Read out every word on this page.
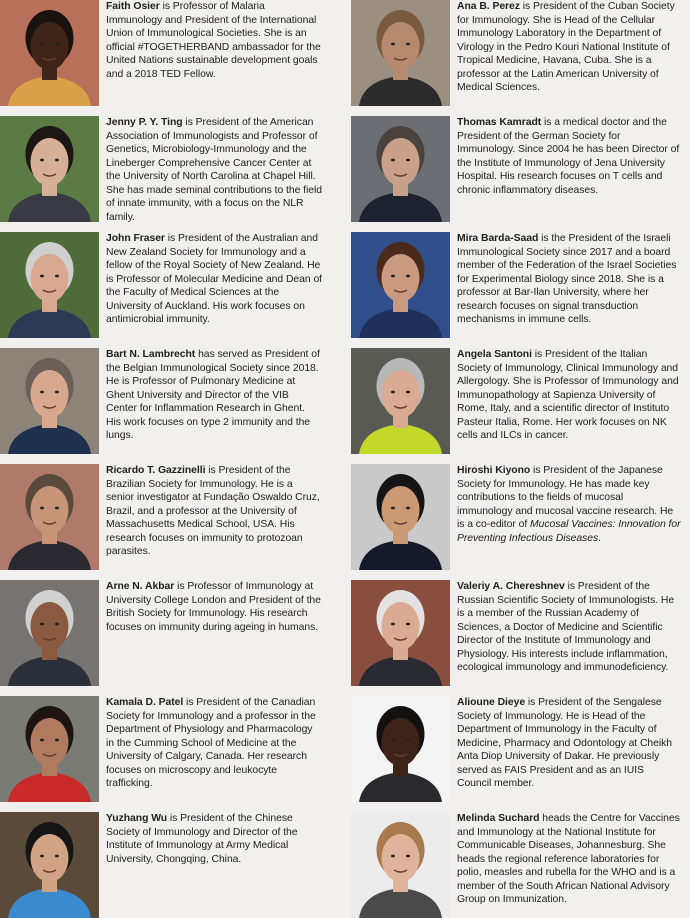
Faith Osier is Professor of Malaria Immunology and President of the International Union of Immunological Societies. She is an official #TOGETHERBAND ambassador for the United Nations sustainable development goals and a 2018 TED Fellow.
Jenny P. Y. Ting is President of the American Association of Immunologists and Professor of Genetics, Microbiology-Immunology and the Lineberger Comprehensive Cancer Center at the University of North Carolina at Chapel Hill. She has made seminal contributions to the field of innate immunity, with a focus on the NLR family.
John Fraser is President of the Australian and New Zealand Society for Immunology and a fellow of the Royal Society of New Zealand. He is Professor of Molecular Medicine and Dean of the Faculty of Medical Sciences at the University of Auckland. His work focuses on antimicrobial immunity.
Bart N. Lambrecht has served as President of the Belgian Immunological Society since 2018. He is Professor of Pulmonary Medicine at Ghent University and Director of the VIB Center for Inflammation Research in Ghent. His work focuses on type 2 immunity and the lungs.
Ricardo T. Gazzinelli is President of the Brazilian Society for Immunology. He is a senior investigator at Fundação Oswaldo Cruz, Brazil, and a professor at the University of Massachusetts Medical School, USA. His research focuses on immunity to protozoan parasites.
Arne N. Akbar is Professor of Immunology at University College London and President of the British Society for Immunology. His research focuses on immunity during ageing in humans.
Kamala D. Patel is President of the Canadian Society for Immunology and a professor in the Department of Physiology and Pharmacology in the Cumming School of Medicine at the University of Calgary, Canada. Her research focuses on microscopy and leukocyte trafficking.
Yuzhang Wu is President of the Chinese Society of Immunology and Director of the Institute of Immunology at Army Medical University, Chongqing, China.
Ana B. Perez is President of the Cuban Society for Immunology. She is Head of the Cellular Immunology Laboratory in the Department of Virology in the Pedro Kouri National Institute of Tropical Medicine, Havana, Cuba. She is a professor at the Latin American University of Medical Sciences.
Thomas Kamradt is a medical doctor and the President of the German Society for Immunology. Since 2004 he has been Director of the Institute of Immunology of Jena University Hospital. His research focuses on T cells and chronic inflammatory diseases.
Mira Barda-Saad is the President of the Israeli Immunological Society since 2017 and a board member of the Federation of the Israel Societies for Experimental Biology since 2018. She is a professor at Bar-Ilan University, where her research focuses on signal transduction mechanisms in immune cells.
Angela Santoni is President of the Italian Society of Immunology, Clinical Immunology and Allergology. She is Professor of Immunology and Immunopathology at Sapienza University of Rome, Italy, and a scientific director of Instituto Pasteur Italia, Rome. Her work focuses on NK cells and ILCs in cancer.
Hiroshi Kiyono is President of the Japanese Society for Immunology. He has made key contributions to the fields of mucosal immunology and mucosal vaccine research. He is a co-editor of Mucosal Vaccines: Innovation for Preventing Infectious Diseases.
Valeriy A. Chereshnev is President of the Russian Scientific Society of Immunologists. He is a member of the Russian Academy of Sciences, a Doctor of Medicine and Scientific Director of the Institute of Immunology and Physiology. His interests include inflammation, ecological immunology and immunodeficiency.
Alioune Dieye is President of the Sengalese Society of Immunology. He is Head of the Department of Immunology in the Faculty of Medicine, Pharmacy and Odontology at Cheikh Anta Diop University of Dakar. He previously served as FAIS President and as an IUIS Council member.
Melinda Suchard heads the Centre for Vaccines and Immunology at the National Institute for Communicable Diseases, Johannesburg. She heads the regional reference laboratories for polio, measles and rubella for the WHO and is a member of the South African National Advisory Group on Immunization.
